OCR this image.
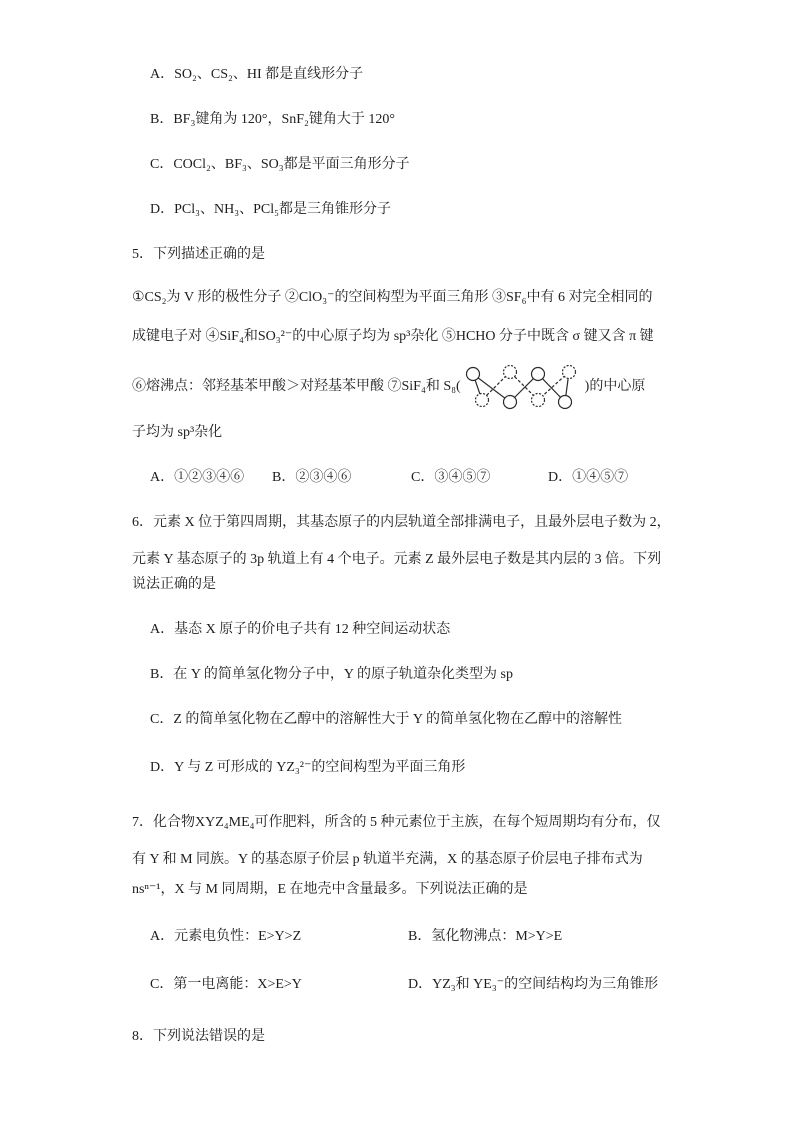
A．SO₂、CS₂、HI 都是直线形分子
B．BF₃键角为 120°，SnF₂键角大于 120°
C．COCl₂、BF₃、SO₃都是平面三角形分子
D．PCl₃、NH₃、PCl₅都是三角锥形分子
5．下列描述正确的是
①CS₂为 V 形的极性分子 ②ClO₃⁻的空间构型为平面三角形 ③SF₆中有 6 对完全相同的
成键电子对 ④SiF₄和SO₃²⁻的中心原子均为 sp³杂化 ⑤HCHO 分子中既含 σ 键又含 π 键
⑥熔沸点：邻羟基苯甲酸＞对羟基苯甲酸 ⑦SiF₄和 S₈(	)的中心原
子均为 sp³杂化
A．①②③④⑥ B．②③④⑥	C．③④⑤⑦	D．①④⑤⑦
6．元素 X 位于第四周期，其基态原子的内层轨道全部排满电子，且最外层电子数为 2，
元素 Y 基态原子的 3p 轨道上有 4 个电子。元素 Z 最外层电子数是其内层的 3 倍。下列
说法正确的是
A．基态 X 原子的价电子共有 12 种空间运动状态
B．在 Y 的简单氢化物分子中，Y 的原子轨道杂化类型为 sp
C．Z 的简单氢化物在乙醇中的溶解性大于 Y 的简单氢化物在乙醇中的溶解性
D．Y 与 Z 可形成的 YZ₃²⁻的空间构型为平面三角形
7．化合物XYZ₄ME₄可作肥料，所含的 5 种元素位于主族，在每个短周期均有分布，仅
有 Y 和 M 同族。Y 的基态原子价层 p 轨道半充满，X 的基态原子价层电子排布式为
nsⁿ⁻¹，X 与 M 同周期，E 在地壳中含量最多。下列说法正确的是
A．元素电负性：E>Y>Z	B．氢化物沸点：M>Y>E
C．第一电离能：X>E>Y	D．YZ₃和 YE₃⁻的空间结构均为三角锥形
8．下列说法错误的是
